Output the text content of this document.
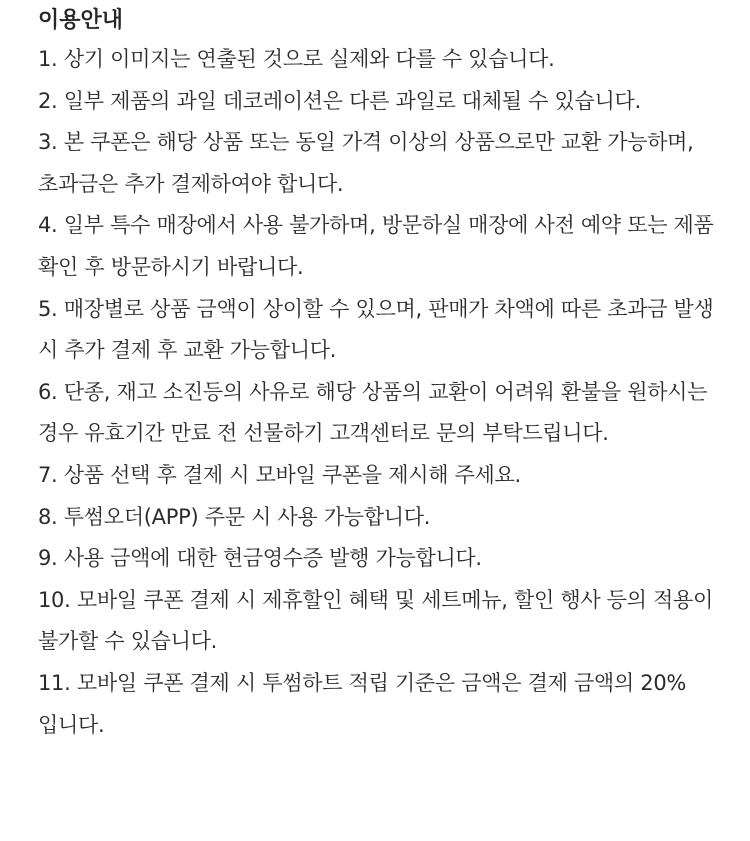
이용안내
1. 상기 이미지는 연출된 것으로 실제와 다를 수 있습니다.
2. 일부 제품의 과일 데코레이션은 다른 과일로 대체될 수 있습니다.
3. 본 쿠폰은 해당 상품 또는 동일 가격 이상의 상품으로만 교환 가능하며, 초과금은 추가 결제하여야 합니다.
4. 일부 특수 매장에서 사용 불가하며, 방문하실 매장에 사전 예약 또는 제품 확인 후 방문하시기 바랍니다.
5. 매장별로 상품 금액이 상이할 수 있으며, 판매가 차액에 따른 초과금 발생 시 추가 결제 후 교환 가능합니다.
6. 단종, 재고 소진등의 사유로 해당 상품의 교환이 어려워 환불을 원하시는 경우 유효기간 만료 전 선물하기 고객센터로 문의 부탁드립니다.
7. 상품 선택 후 결제 시 모바일 쿠폰을 제시해 주세요.
8. 투썸오더(APP) 주문 시 사용 가능합니다.
9. 사용 금액에 대한 현금영수증 발행 가능합니다.
10. 모바일 쿠폰 결제 시 제휴할인 혜택 및 세트메뉴, 할인 행사 등의 적용이 불가할 수 있습니다.
11. 모바일 쿠폰 결제 시 투썸하트 적립 기준은 금액은 결제 금액의 20%입니다.
